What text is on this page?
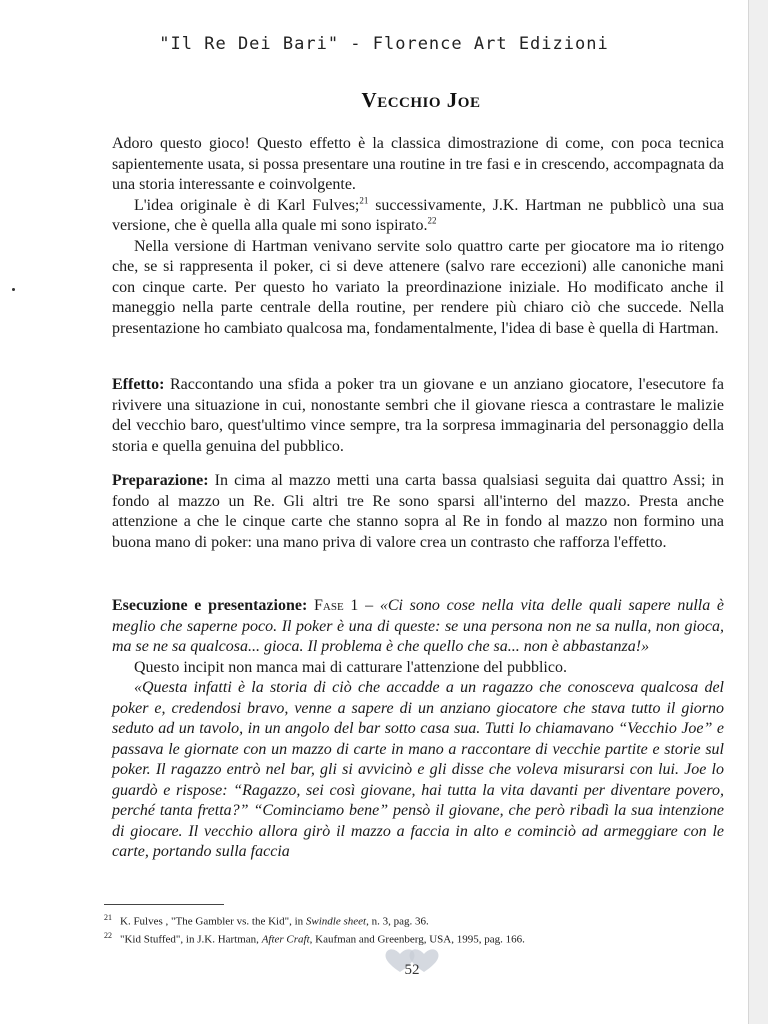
"Il Re Dei Bari" - Florence Art Edizioni
Vecchio Joe

Adoro questo gioco! Questo effetto è la classica dimostrazione di come, con poca tecnica sapientemente usata, si possa presentare una routine in tre fasi e in crescendo, accompagnata da una storia interessante e coinvolgente.

L'idea originale è di Karl Fulves;$^{21}$ successivamente, J.K. Hartman ne pubblicò una sua versione, che è quella alla quale mi sono ispirato.$^{22}$

Nella versione di Hartman venivano servite solo quattro carte per giocatore ma io ritengo che, se si rappresenta il poker, ci si deve attenere (salvo rare eccezioni) alle canoniche mani con cinque carte. Per questo ho variato la preordinazione iniziale. Ho modificato anche il maneggio nella parte centrale della routine, per rendere più chiaro ciò che succede. Nella presentazione ho cambiato qualcosa ma, fondamentalmente, l'idea di base è quella di Hartman.

Effetto: Raccontando una sfida a poker tra un giovane e un anziano giocatore, l'esecutore fa rivivere una situazione in cui, nonostante sembri che il giovane riesca a contrastare le malizie del vecchio baro, quest'ultimo vince sempre, tra la sorpresa immaginaria del personaggio della storia e quella genuina del pubblico.

Preparazione: In cima al mazzo metti una carta bassa qualsiasi seguita dai quattro Assi; in fondo al mazzo un Re. Gli altri tre Re sono sparsi all'interno del mazzo. Presta anche attenzione a che le cinque carte che stanno sopra al Re in fondo al mazzo non formino una buona mano di poker: una mano priva di valore crea un contrasto che rafforza l'effetto.

Esecuzione e presentazione: Fase 1 – «Ci sono cose nella vita delle quali sapere nulla è meglio che saperne poco. Il poker è una di queste: se una persona non ne sa nulla, non gioca, ma se ne sa qualcosa... gioca. Il problema è che quello che sa... non è abbastanza!»

Questo incipit non manca mai di catturare l'attenzione del pubblico.

«Questa infatti è la storia di ciò che accadde a un ragazzo che conosceva qualcosa del poker e, credendosi bravo, venne a sapere di un anziano giocatore che stava tutto il giorno seduto ad un tavolo, in un angolo del bar sotto casa sua. Tutti lo chiamavano “Vecchio Joe” e passava le giornate con un mazzo di carte in mano a raccontare di vecchie partite e storie sul poker. Il ragazzo entrò nel bar, gli si avvicinò e gli disse che voleva misurarsi con lui. Joe lo guardò e rispose: “Ragazzo, sei così giovane, hai tutta la vita davanti per diventare povero, perché tanta fretta?” “Cominciamo bene” pensò il giovane, che però ribadì la sua intenzione di giocare. Il vecchio allora girò il mazzo a faccia in alto e cominciò ad armeggiare con le carte, portando sulla faccia

$^{21}$ K. Fulves , "The Gambler vs. the Kid", in Swindle sheet, n. 3, pag. 36.
$^{22}$ "Kid Stuffed", in J.K. Hartman, After Craft, Kaufman and Greenberg, USA, 1995, pag. 166.
52
